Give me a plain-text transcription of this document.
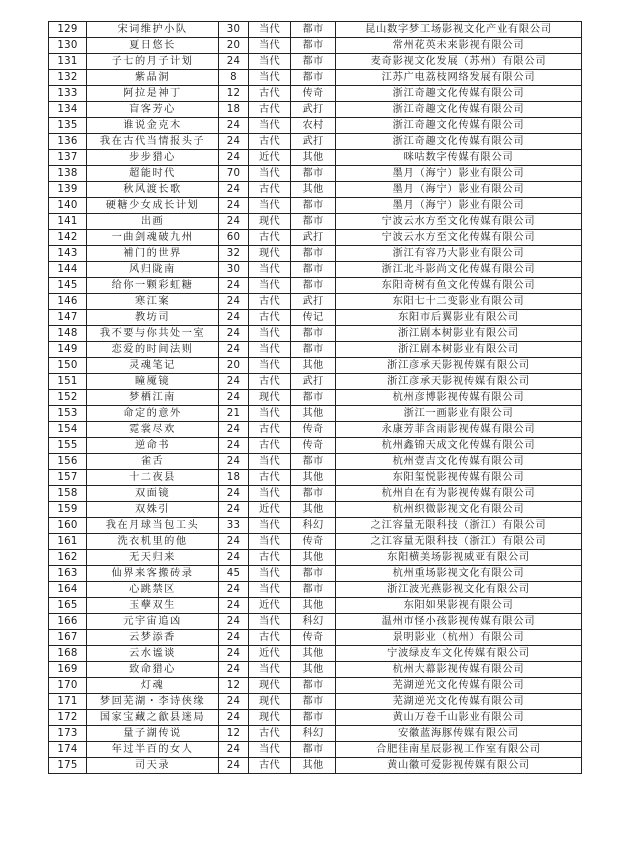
129	宋词维护小队	30	当代	都市	昆山数字梦工场影视文化产业有限公司
130	夏日悠长	20	当代	都市	常州花英未来影视有限公司
131	子七的月子计划	24	当代	都市	麦奇影视文化发展（苏州）有限公司
132	紫晶洞	8	当代	都市	江苏广电荔枝网络发展有限公司
133	阿拉是神丁	12	古代	传奇	浙江奇趣文化传媒有限公司
134	盲客芳心	18	古代	武打	浙江奇趣文化传媒有限公司
135	谁说金克木	24	当代	农村	浙江奇趣文化传媒有限公司
136	我在古代当情报头子	24	古代	武打	浙江奇趣文化传媒有限公司
137	步步猎心	24	近代	其他	咪咕数字传媒有限公司
138	超能时代	70	当代	都市	墨月（海宁）影业有限公司
139	秋风渡长歌	24	古代	其他	墨月（海宁）影业有限公司
140	硬糖少女成长计划	24	当代	都市	墨月（海宁）影业有限公司
141	出画	24	现代	都市	宁波云水方至文化传媒有限公司
142	一曲剑魂破九州	60	古代	武打	宁波云水方至文化传媒有限公司
143	補门的世界	32	现代	都市	浙江有容乃大影业有限公司
144	风归陇南	30	当代	都市	浙江北斗影尚文化传媒有限公司
145	给你一颗彩虹糖	24	当代	都市	东阳奇树有鱼文化传媒有限公司
146	寒江案	24	古代	武打	东阳七十二变影业有限公司
147	教坊司	24	古代	传记	东阳市后翼影业有限公司
148	我不要与你共处一室	24	当代	都市	浙江剧本树影业有限公司
149	恋爱的时间法则	24	当代	都市	浙江剧本树影业有限公司
150	灵魂笔记	20	当代	其他	浙江彦承天影视传媒有限公司
151	瞳魇镜	24	古代	武打	浙江彦承天影视传媒有限公司
152	梦栖江南	24	现代	都市	杭州彦博影视传媒有限公司
153	命定的意外	21	当代	其他	浙江一画影业有限公司
154	霓裳尽欢	24	古代	传奇	永康芳菲含雨影视传媒有限公司
155	逆命书	24	古代	传奇	杭州鑫锦天成文化传媒有限公司
156	雀舌	24	当代	都市	杭州壹吉文化传媒有限公司
157	十二夜县	18	古代	其他	东阳玺悦影视传媒有限公司
158	双面镜	24	当代	都市	杭州自在有为影视传媒有限公司
159	双姝引	24	近代	其他	杭州织微影视文化有限公司
160	我在月球当包工头	33	当代	科幻	之江容量无限科技（浙江）有限公司
161	洗衣机里的他	24	当代	传奇	之江容量无限科技（浙江）有限公司
162	无天归来	24	古代	其他	东阳横美场影视威亚有限公司
163	仙界来客搬砖录	45	当代	都市	杭州重场影视文化有限公司
164	心跳禁区	24	当代	都市	浙江波光燕影视文化有限公司
165	玉孽双生	24	近代	其他	东阳如果影视有限公司
166	元宇宙追凶	24	当代	科幻	温州市怪小孩影视传媒有限公司
167	云梦添香	24	古代	传奇	景明影业（杭州）有限公司
168	云水谧谈	24	近代	其他	宁波绿皮车文化传媒有限公司
169	致命猎心	24	当代	其他	杭州大幕影视传媒有限公司
170	灯魂	12	现代	都市	芜湖逆光文化传媒有限公司
171	梦回芜湖・李诗侠缘	24	现代	都市	芜湖逆光文化传媒有限公司
172	国家宝藏之歙县迷局	24	现代	都市	黄山万卷千山影业有限公司
173	量子湖传说	12	古代	科幻	安徽蓝海豚传媒有限公司
174	年过半百的女人	24	当代	都市	合肥徍南星辰影视工作室有限公司
175	司天录	24	古代	其他	黄山徽可爱影视传媒有限公司
